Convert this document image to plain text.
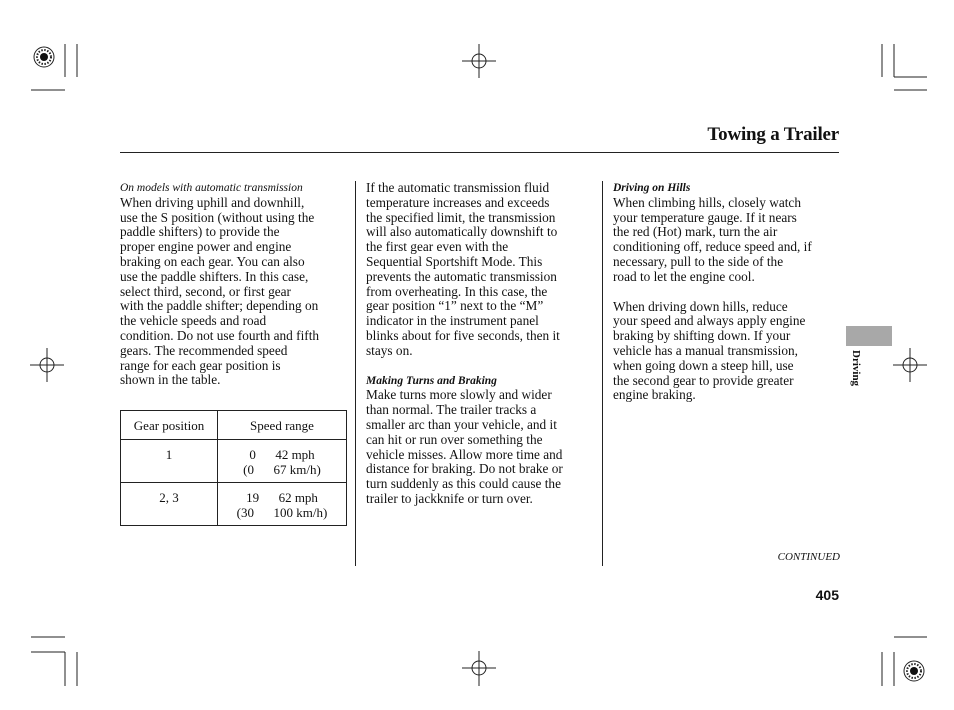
Towing a Trailer

On models with automatic transmission

When driving uphill and downhill,

use the S position (without using the

paddle shifters) to provide the

proper engine power and engine

braking on each gear. You can also

use the paddle shifters. In this case,

select third, second, or first gear

with the paddle shifter; depending on

the vehicle speeds and road

condition. Do not use fourth and fifth

gears. The recommended speed

range for each gear position is

shown in the table.

Gear position	Speed range
1	0      42 mph
(0      67 km/h)

2, 3	19      62 mph
(30      100 km/h)

If the automatic transmission fluid

temperature increases and exceeds

the specified limit, the transmission

will also automatically downshift to

the first gear even with the

Sequential Sportshift Mode. This

prevents the automatic transmission

from overheating. In this case, the

gear position “1” next to the “M”

indicator in the instrument panel

blinks about for five seconds, then it

stays on.

Making Turns and Braking

Make turns more slowly and wider

than normal. The trailer tracks a

smaller arc than your vehicle, and it

can hit or run over something the

vehicle misses. Allow more time and

distance for braking. Do not brake or

turn suddenly as this could cause the

trailer to jackknife or turn over.

Driving on Hills

When climbing hills, closely watch

your temperature gauge. If it nears

the red (Hot) mark, turn the air

conditioning off, reduce speed and, if

necessary, pull to the side of the

road to let the engine cool.

When driving down hills, reduce

your speed and always apply engine

braking by shifting down. If your

vehicle has a manual transmission,

when going down a steep hill, use

the second gear to provide greater

engine braking.

Driving
CONTINUED
405
